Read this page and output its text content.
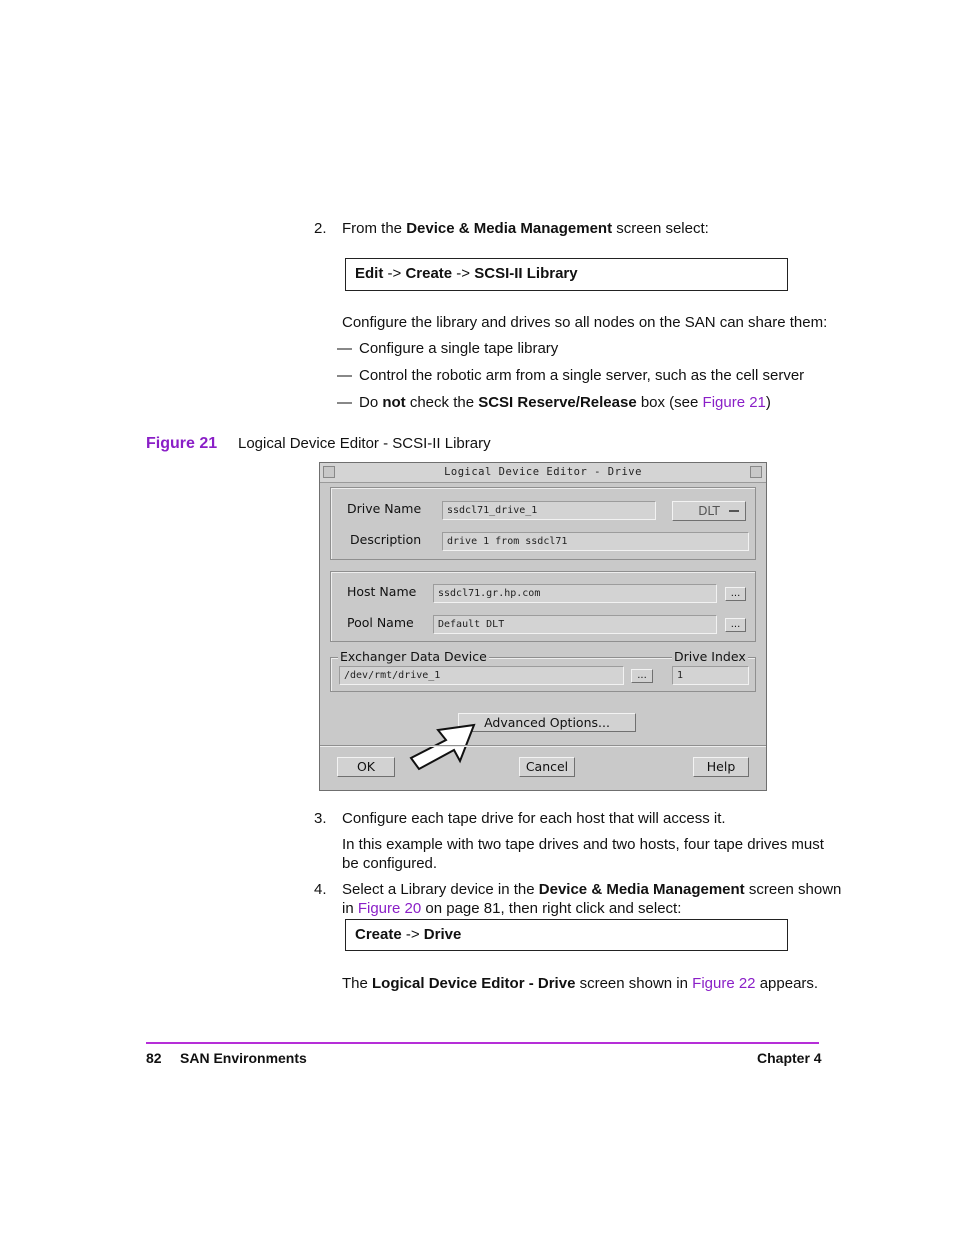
2. From the Device & Media Management screen select:
Edit -> Create -> SCSI-II Library
Configure the library and drives so all nodes on the SAN can share them:
— Configure a single tape library
— Control the robotic arm from a single server, such as the cell server
— Do not check the SCSI Reserve/Release box (see Figure 21)
Figure 21 Logical Device Editor - SCSI-II Library
Logical Device Editor - Drive
Drive Name	ssdcl71_drive_1	DLT
Description	drive 1 from ssdcl71
Host Name	ssdcl71.gr.hp.com	...
Pool Name	Default DLT	...
Exchanger Data Device	Drive Index
/dev/rmt/drive_1	...	1
Advanced Options...
OK	Cancel	Help
3. Configure each tape drive for each host that will access it.
In this example with two tape drives and two hosts, four tape drives must
be configured.
4. Select a Library device in the Device & Media Management screen shown
in Figure 20 on page 81, then right click and select:
Create -> Drive
The Logical Device Editor - Drive screen shown in Figure 22 appears.
82 SAN Environments	Chapter 4
